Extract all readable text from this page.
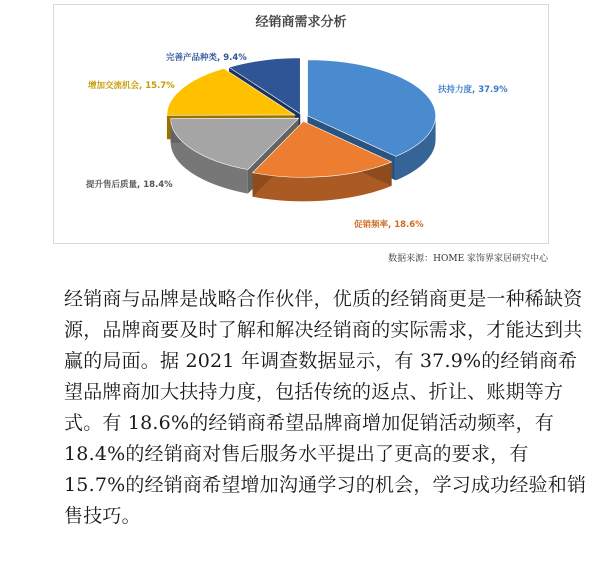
经销商需求分析
扶持力度, 37.9%
促销频率, 18.6%
提升售后质量, 18.4%
增加交流机会, 15.7%
完善产品种类, 9.4%
数据来源：HOME 家饰界家居研究中心

经销商与品牌是战略合作伙伴，优质的经销商更是一种稀缺资源，品牌商要及时了解和解决经销商的实际需求，才能达到共赢的局面。据 2021 年调查数据显示，有 37.9%的经销商希望品牌商加大扶持力度，包括传统的返点、折让、账期等方式。有 18.6%的经销商希望品牌商增加促销活动频率，有 18.4%的经销商对售后服务水平提出了更高的要求，有 15.7%的经销商希望增加沟通学习的机会，学习成功经验和销售技巧。
